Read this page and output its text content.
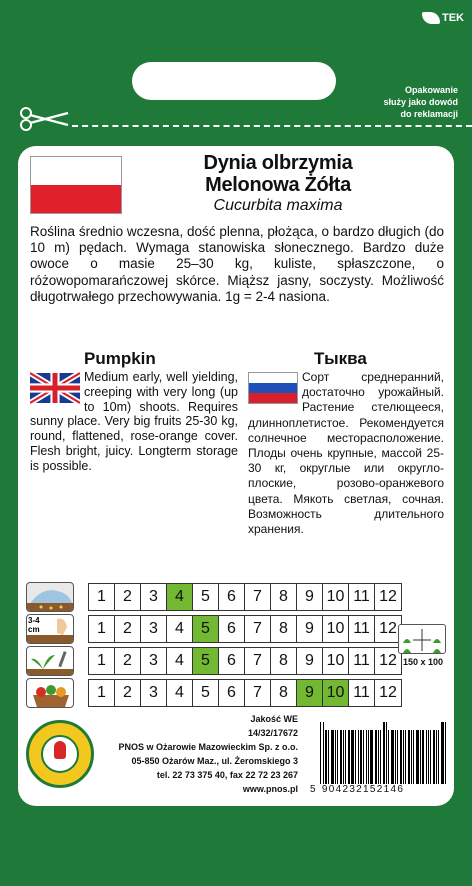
TEK
Opakowanie
służy jako dowód
do reklamacji
Dynia olbrzymia
Melonowa Żółta
Cucurbita maxima
Roślina średnio wczesna, dość plenna, płożąca, o bardzo długich (do 10 m) pędach. Wymaga stanowiska słonecznego. Bardzo duże owoce o masie 25–30 kg, kuliste, spłaszczone, o różowopomarańczowej skórce. Miąższ jasny, soczysty. Możliwość długotrwałego przechowywania. 1g = 2-4 nasiona.
Pumpkin	Тыква
Medium early, well yielding, creeping with very long (up to 10m) shoots. Requires sunny place. Very big fruits 25-30 kg, round, flattened, rose-orange cover. Flesh bright, juicy. Longterm storage is possible.
Сорт среднеранний, достаточно урожайный. Растение стелющееся, длинноплетистое. Рекомендуется солнечное месторасположение. Плоды очень крупные, массой 25-30 кг, округлые или округло-плоские, розово-оранжевого цвета. Мякоть светлая, сочная. Возможность длительного хранения.
1	2	3	4	5	6	7	8	9 10 11 12
3-4 cm	1	2	3	4	5	6	7	8	9 10 11 12
1	2	3	4	5	6	7	8	9 10 11 12
1	2	3	4	5	6	7	8	9 10 11 12
150 x 100
Jakość WE
14/32/17672
PNOS w Ożarowie Mazowieckim Sp. z o.o.
05-850 Ożarów Maz., ul. Żeromskiego 3
tel. 22 73 375 40, fax 22 72 23 267
www.pnos.pl 5 904232152146
